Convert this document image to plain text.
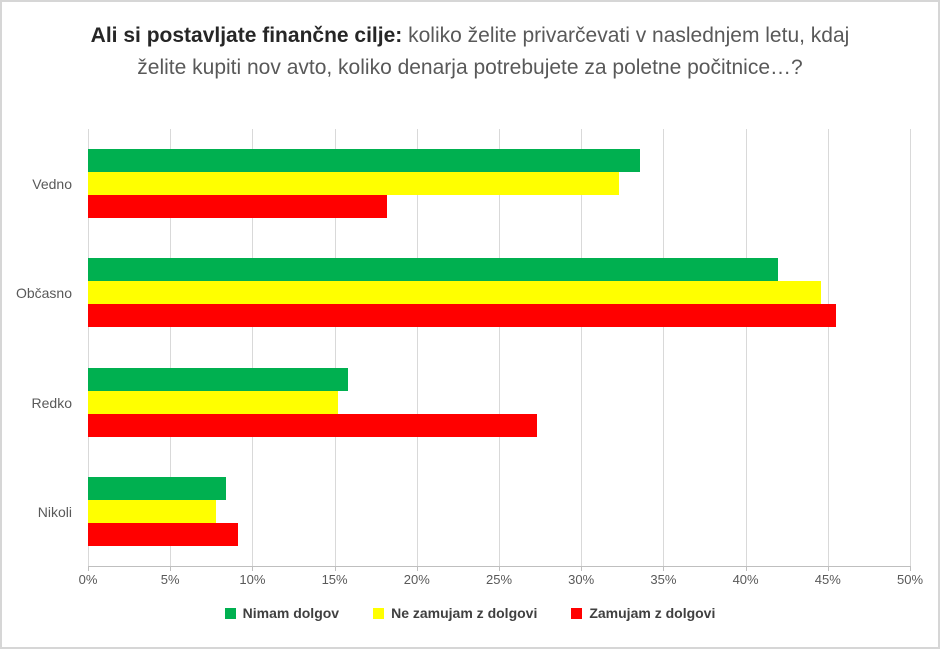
Ali si postavljate finančne cilje: koliko želite privarčevati v naslednjem letu, kdaj želite kupiti nov avto, koliko denarja potrebujete za poletne počitnice…?
Vedno
Občasno
Redko
Nikoli
0%	5%	10%	15%	20%	25%	30%	35%	40%	45%	50%
Nimam dolgov	Ne zamujam z dolgovi	Zamujam z dolgovi
